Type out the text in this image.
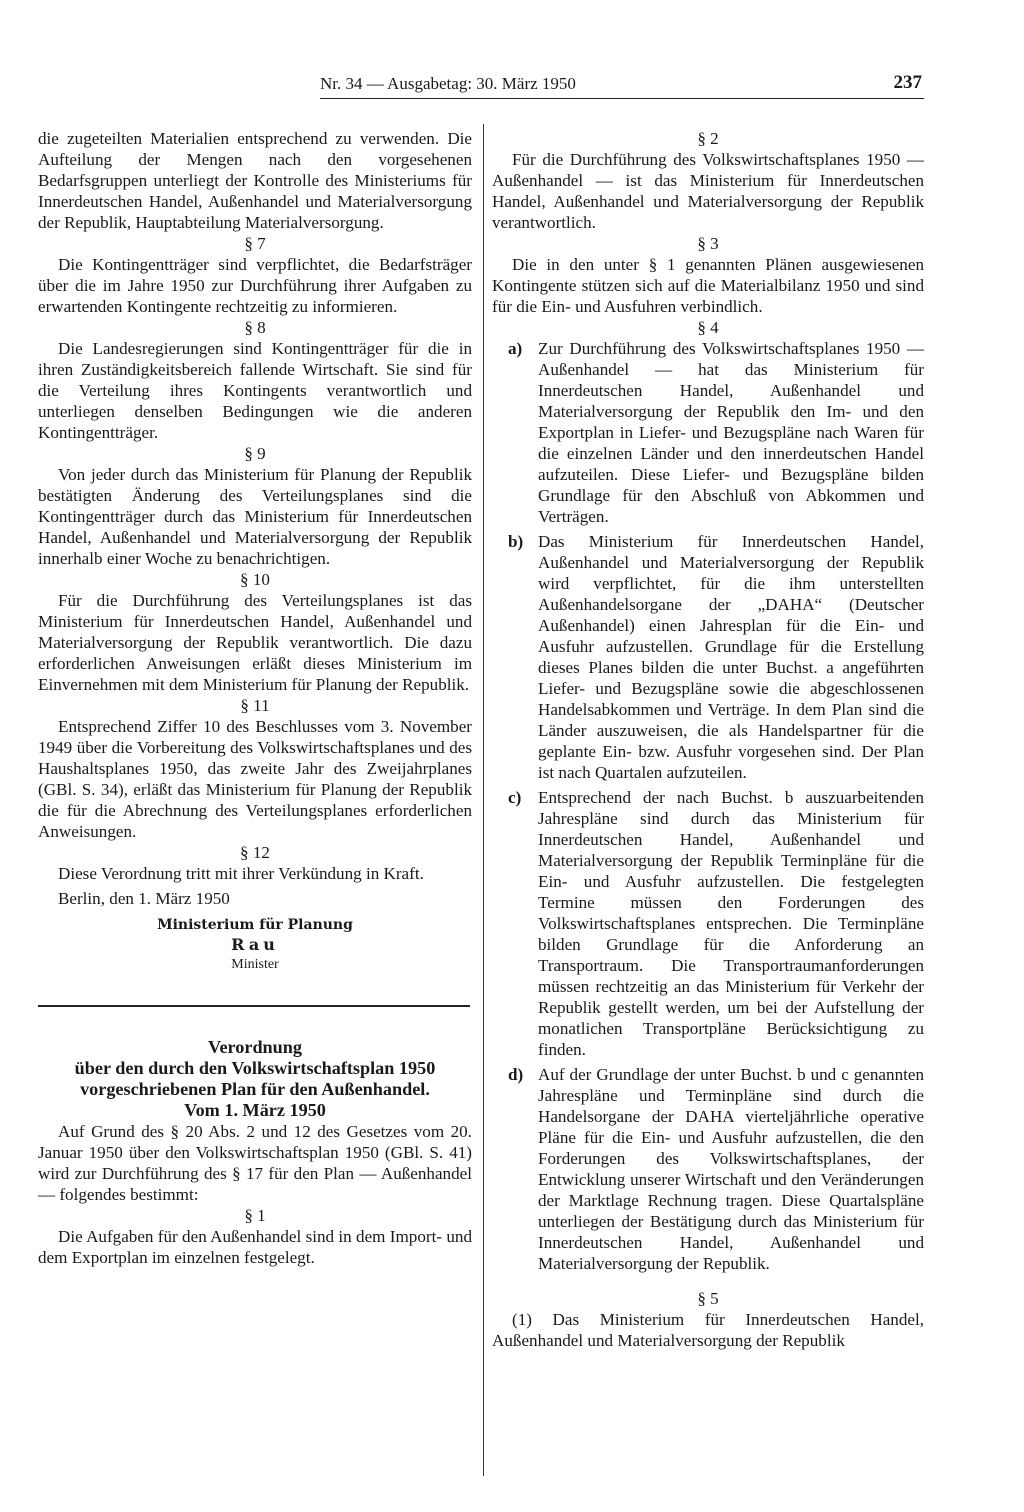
Nr. 34 — Ausgabetag: 30. März 1950	237

die zugeteilten Materialien entsprechend zu verwenden. Die Aufteilung der Mengen nach den vorgesehenen Bedarfsgruppen unterliegt der Kontrolle des Ministeriums für Innerdeutschen Handel, Außenhandel und Materialversorgung der Republik, Hauptabteilung Materialversorgung.

§ 7

Die Kontingentträger sind verpflichtet, die Bedarfsträger über die im Jahre 1950 zur Durchführung ihrer Aufgaben zu erwartenden Kontingente rechtzeitig zu informieren.

§ 8

Die Landesregierungen sind Kontingentträger für die in ihren Zuständigkeitsbereich fallende Wirtschaft. Sie sind für die Verteilung ihres Kontingents verantwortlich und unterliegen denselben Bedingungen wie die anderen Kontingentträger.

§ 9

Von jeder durch das Ministerium für Planung der Republik bestätigten Änderung des Verteilungsplanes sind die Kontingentträger durch das Ministerium für Innerdeutschen Handel, Außenhandel und Materialversorgung der Republik innerhalb einer Woche zu benachrichtigen.

§ 10

Für die Durchführung des Verteilungsplanes ist das Ministerium für Innerdeutschen Handel, Außenhandel und Materialversorgung der Republik verantwortlich. Die dazu erforderlichen Anweisungen erläßt dieses Ministerium im Einvernehmen mit dem Ministerium für Planung der Republik.

§ 11

Entsprechend Ziffer 10 des Beschlusses vom 3. November 1949 über die Vorbereitung des Volkswirtschaftsplanes und des Haushaltsplanes 1950, das zweite Jahr des Zweijahrplanes (GBl. S. 34), erläßt das Ministerium für Planung der Republik die für die Abrechnung des Verteilungsplanes erforderlichen Anweisungen.

§ 12

Diese Verordnung tritt mit ihrer Verkündung in Kraft.

Berlin, den 1. März 1950

Ministerium für Planung

Rau

Minister

Verordnung

über den durch den Volkswirtschaftsplan 1950

vorgeschriebenen Plan für den Außenhandel.

Vom 1. März 1950

Auf Grund des § 20 Abs. 2 und 12 des Gesetzes vom 20. Januar 1950 über den Volkswirtschaftsplan 1950 (GBl. S. 41) wird zur Durchführung des § 17 für den Plan — Außenhandel — folgendes bestimmt:

§ 1

Die Aufgaben für den Außenhandel sind in dem Import- und dem Exportplan im einzelnen festgelegt.

§ 2

Für die Durchführung des Volkswirtschaftsplanes 1950 — Außenhandel — ist das Ministerium für Innerdeutschen Handel, Außenhandel und Materialversorgung der Republik verantwortlich.

§ 3

Die in den unter § 1 genannten Plänen ausgewiesenen Kontingente stützen sich auf die Materialbilanz 1950 und sind für die Ein- und Ausfuhren verbindlich.

§ 4

a) Zur Durchführung des Volkswirtschaftsplanes 1950 — Außenhandel — hat das Ministerium für Innerdeutschen Handel, Außenhandel und Materialversorgung der Republik den Im- und den Exportplan in Liefer- und Bezugspläne nach Waren für die einzelnen Länder und den innerdeutschen Handel aufzuteilen. Diese Liefer- und Bezugspläne bilden Grundlage für den Abschluß von Abkommen und Verträgen.
b) Das Ministerium für Innerdeutschen Handel, Außenhandel und Materialversorgung der Republik wird verpflichtet, für die ihm unterstellten Außenhandelsorgane der „DAHA“ (Deutscher Außenhandel) einen Jahresplan für die Ein- und Ausfuhr aufzustellen. Grundlage für die Erstellung dieses Planes bilden die unter Buchst. a angeführten Liefer- und Bezugspläne sowie die abgeschlossenen Handelsabkommen und Verträge. In dem Plan sind die Länder auszuweisen, die als Handelspartner für die geplante Ein- bzw. Ausfuhr vorgesehen sind. Der Plan ist nach Quartalen aufzuteilen.
c) Entsprechend der nach Buchst. b auszuarbeitenden Jahrespläne sind durch das Ministerium für Innerdeutschen Handel, Außenhandel und Materialversorgung der Republik Terminpläne für die Ein- und Ausfuhr aufzustellen. Die festgelegten Termine müssen den Forderungen des Volkswirtschaftsplanes entsprechen. Die Terminpläne bilden Grundlage für die Anforderung an Transportraum. Die Transportraumanforderungen müssen rechtzeitig an das Ministerium für Verkehr der Republik gestellt werden, um bei der Aufstellung der monatlichen Transportpläne Berücksichtigung zu finden.
d) Auf der Grundlage der unter Buchst. b und c genannten Jahrespläne und Terminpläne sind durch die Handelsorgane der DAHA vierteljährliche operative Pläne für die Ein- und Ausfuhr aufzustellen, die den Forderungen des Volkswirtschaftsplanes, der Entwicklung unserer Wirtschaft und den Veränderungen der Marktlage Rechnung tragen. Diese Quartalspläne unterliegen der Bestätigung durch das Ministerium für Innerdeutschen Handel, Außenhandel und Materialversorgung der Republik.

§ 5

(1) Das Ministerium für Innerdeutschen Handel, Außenhandel und Materialversorgung der Republik
